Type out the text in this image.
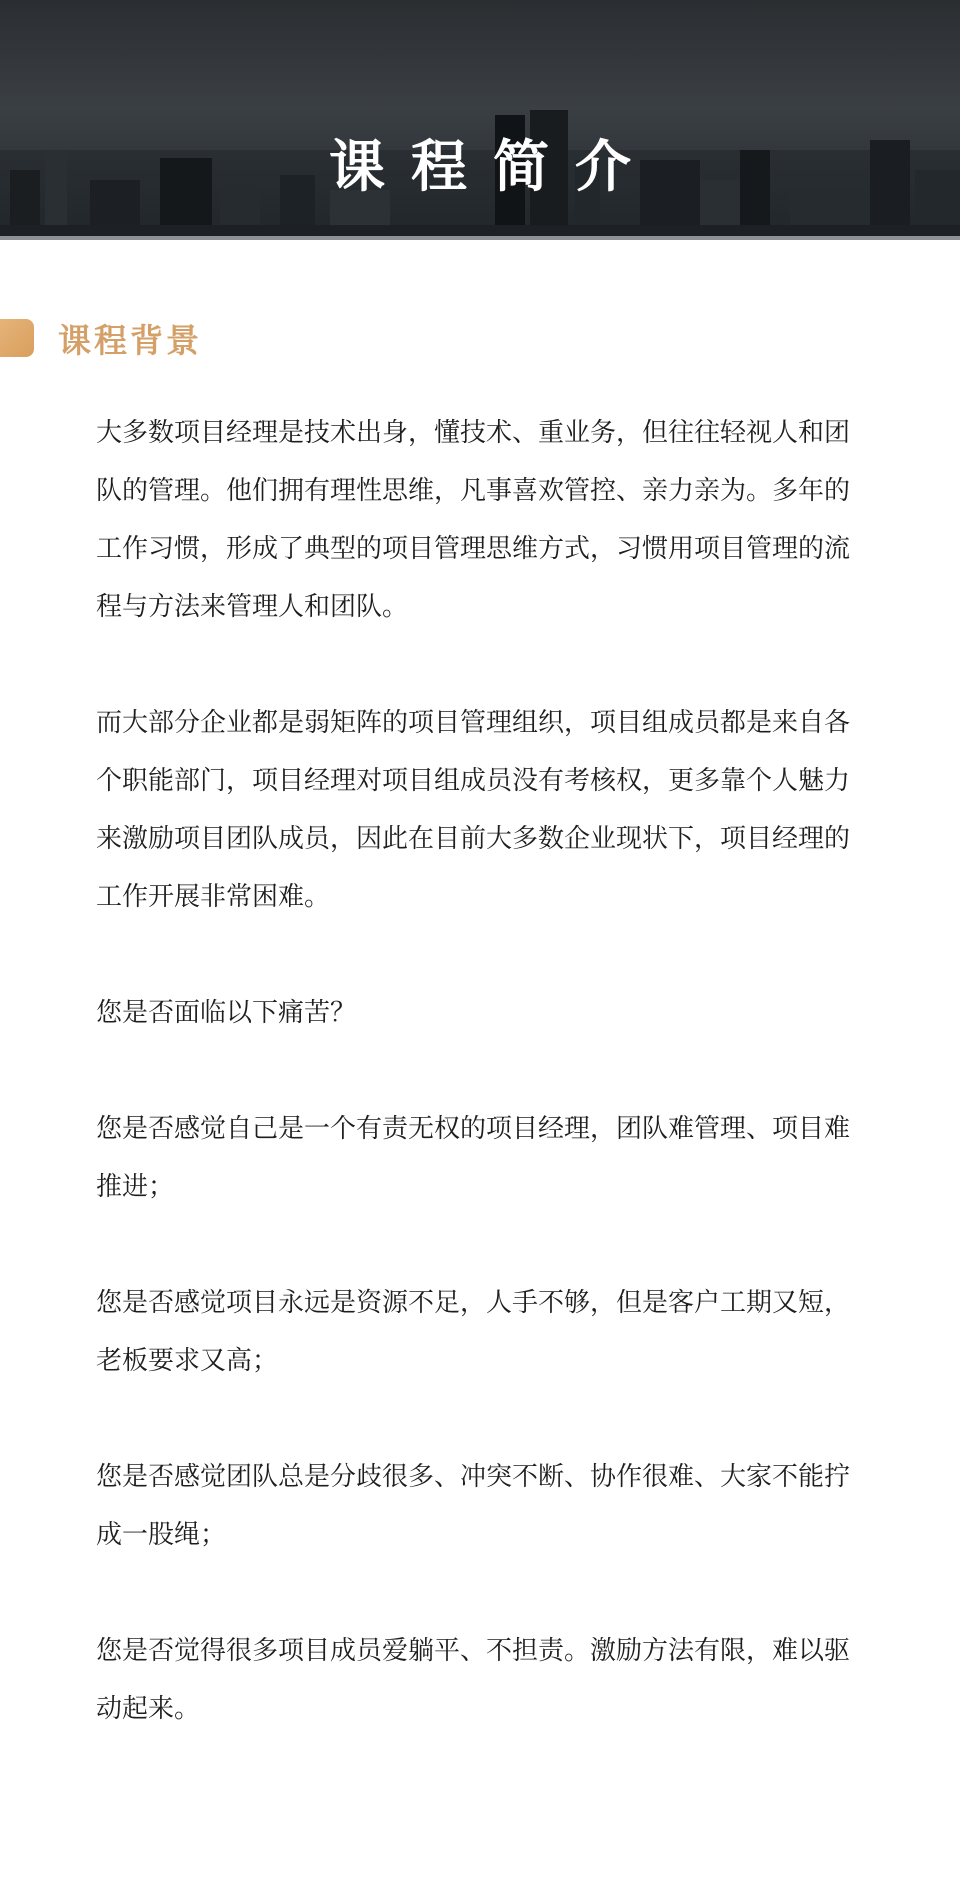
课程简介
课程背景

大多数项目经理是技术出身，懂技术、重业务，但往往轻视人和团队的管理。他们拥有理性思维，凡事喜欢管控、亲力亲为。多年的工作习惯，形成了典型的项目管理思维方式，习惯用项目管理的流程与方法来管理人和团队。

而大部分企业都是弱矩阵的项目管理组织，项目组成员都是来自各个职能部门，项目经理对项目组成员没有考核权，更多靠个人魅力来激励项目团队成员，因此在目前大多数企业现状下，项目经理的工作开展非常困难。

您是否面临以下痛苦？

您是否感觉自己是一个有责无权的项目经理，团队难管理、项目难推进；

您是否感觉项目永远是资源不足，人手不够，但是客户工期又短，老板要求又高；

您是否感觉团队总是分歧很多、冲突不断、协作很难、大家不能拧成一股绳；

您是否觉得很多项目成员爱躺平、不担责。激励方法有限，难以驱动起来。
